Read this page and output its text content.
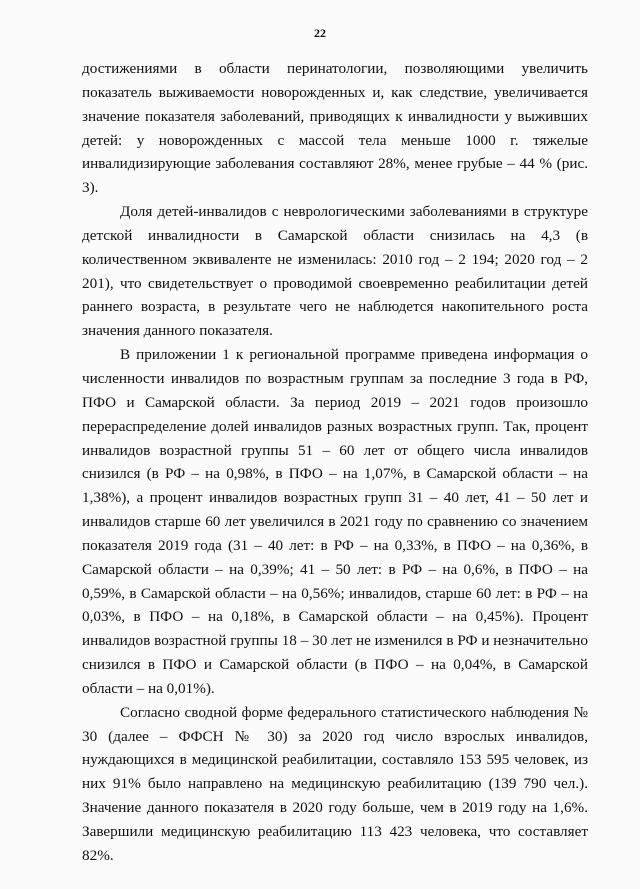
22

достижениями в области перинатологии, позволяющими увеличить показатель выживаемости новорожденных и, как следствие, увеличивается значение показателя заболеваний, приводящих к инвалидности у выживших детей: у новорожденных с массой тела меньше 1000 г. тяжелые инвалидизирующие заболевания составляют 28%, менее грубые – 44 % (рис. 3).

Доля детей-инвалидов с неврологическими заболеваниями в структуре детской инвалидности в Самарской области снизилась на 4,3 (в количественном эквиваленте не изменилась: 2010 год – 2 194; 2020 год – 2 201), что свидетельствует о проводимой своевременно реабилитации детей раннего возраста, в результате чего не наблюдется накопительного роста значения данного показателя.

В приложении 1 к региональной программе приведена информация о численности инвалидов по возрастным группам за последние 3 года в РФ, ПФО и Самарской области. За период 2019 – 2021 годов произошло перераспределение долей инвалидов разных возрастных групп. Так, процент инвалидов возрастной группы 51 – 60 лет от общего числа инвалидов снизился (в РФ – на 0,98%, в ПФО – на 1,07%, в Самарской области – на 1,38%), а процент инвалидов возрастных групп 31 – 40 лет, 41 – 50 лет и инвалидов старше 60 лет увеличился в 2021 году по сравнению со значением показателя 2019 года (31 – 40 лет: в РФ – на 0,33%, в ПФО – на 0,36%, в Самарской области – на 0,39%; 41 – 50 лет: в РФ – на 0,6%, в ПФО – на 0,59%, в Самарской области – на 0,56%; инвалидов, старше 60 лет: в РФ – на 0,03%, в ПФО – на 0,18%, в Самарской области – на 0,45%). Процент инвалидов возрастной группы 18 – 30 лет не изменился в РФ и незначительно снизился в ПФО и Самарской области (в ПФО – на 0,04%, в Самарской области – на 0,01%).

Согласно сводной форме федерального статистического наблюдения № 30 (далее – ФФСН № 30) за 2020 год число взрослых инвалидов, нуждающихся в медицинской реабилитации, составляло 153 595 человек, из них 91% было направлено на медицинскую реабилитацию (139 790 чел.). Значение данного показателя в 2020 году больше, чем в 2019 году на 1,6%. Завершили медицинскую реабилитацию 113 423 человека, что составляет 82%.
